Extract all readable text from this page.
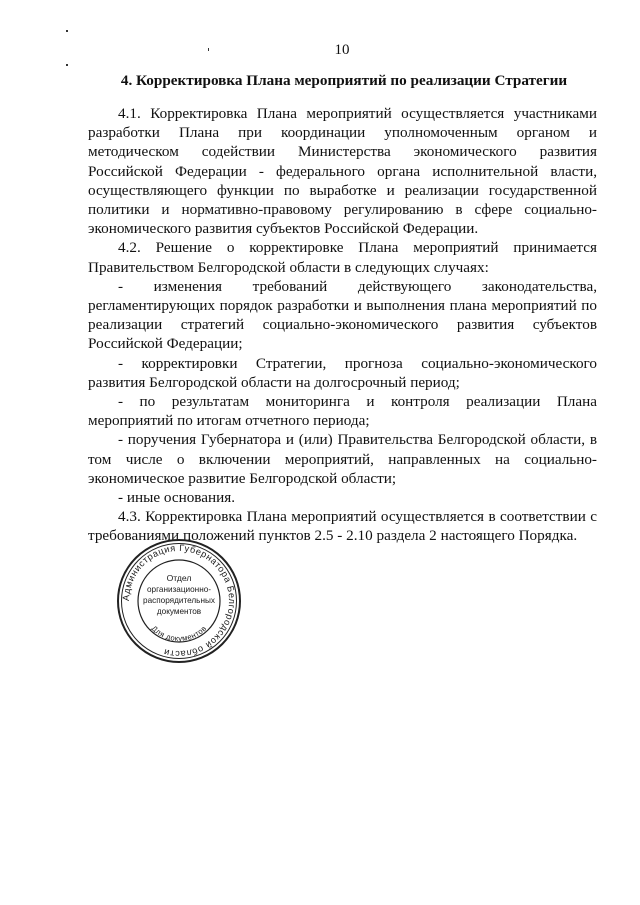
10
4. Корректировка Плана мероприятий по реализации Стратегии

4.1. Корректировка Плана мероприятий осуществляется участниками разработки Плана при координации уполномоченным органом и методическом содействии Министерства экономического развития Российской Федерации - федерального органа исполнительной власти, осуществляющего функции по выработке и реализации государственной политики и нормативно-правовому регулированию в сфере социально-экономического развития субъектов Российской Федерации.

4.2. Решение о корректировке Плана мероприятий принимается Правительством Белгородской области в следующих случаях:

- изменения требований действующего законодательства, регламентирующих порядок разработки и выполнения плана мероприятий по реализации стратегий социально-экономического развития субъектов Российской Федерации;

- корректировки Стратегии, прогноза социально-экономического развития Белгородской области на долгосрочный период;

- по результатам мониторинга и контроля реализации Плана мероприятий по итогам отчетного периода;

- поручения Губернатора и (или) Правительства Белгородской области, в том числе о включении мероприятий, направленных на социально-экономическое развитие Белгородской области;

- иные основания.

4.3. Корректировка Плана мероприятий осуществляется в соответствии с требованиями положений пунктов 2.5 - 2.10 раздела 2 настоящего Порядка.

Администрация Губернатора Белгородской области
Для документов
Отдел
организационно-
распорядительных
документов
